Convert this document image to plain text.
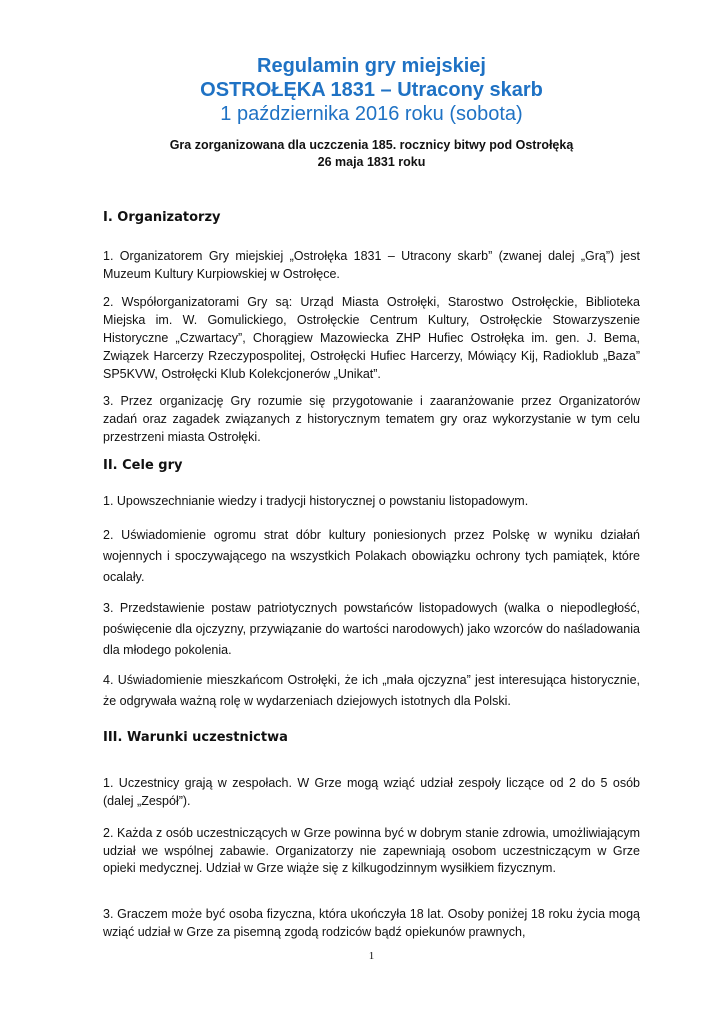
Regulamin gry miejskiej
OSTROŁĘKA 1831 – Utracony skarb
1 października 2016 roku (sobota)
Gra zorganizowana dla uczczenia 185. rocznicy bitwy pod Ostrołęką
26 maja 1831 roku
I. Organizatorzy
1. Organizatorem Gry miejskiej „Ostrołęka 1831 – Utracony skarb” (zwanej dalej „Grą”) jest Muzeum Kultury Kurpiowskiej w Ostrołęce.
2. Współorganizatorami Gry są: Urząd Miasta Ostrołęki, Starostwo Ostrołęckie, Biblioteka Miejska im. W. Gomulickiego, Ostrołęckie Centrum Kultury, Ostrołęckie Stowarzyszenie Historyczne „Czwartacy”, Chorągiew Mazowiecka ZHP Hufiec Ostrołęka im. gen. J. Bema, Związek Harcerzy Rzeczypospolitej, Ostrołęcki Hufiec Harcerzy, Mówiący Kij, Radioklub „Baza” SP5KVW, Ostrołęcki Klub Kolekcjonerów „Unikat”.
3. Przez organizację Gry rozumie się przygotowanie i zaaranżowanie przez Organizatorów zadań oraz zagadek związanych z historycznym tematem gry oraz wykorzystanie w tym celu przestrzeni miasta Ostrołęki.
II. Cele gry
1. Upowszechnianie wiedzy i tradycji historycznej o powstaniu listopadowym.
2. Uświadomienie ogromu strat dóbr kultury poniesionych przez Polskę w wyniku działań wojennych i spoczywającego na wszystkich Polakach obowiązku ochrony tych pamiątek, które ocalały.
3. Przedstawienie postaw patriotycznych powstańców listopadowych (walka o niepodległość, poświęcenie dla ojczyzny, przywiązanie do wartości narodowych) jako wzorców do naśladowania dla młodego pokolenia.
4. Uświadomienie mieszkańcom Ostrołęki, że ich „mała ojczyzna” jest interesująca historycznie, że odgrywała ważną rolę w wydarzeniach dziejowych istotnych dla Polski.
III. Warunki uczestnictwa
1. Uczestnicy grają w zespołach. W Grze mogą wziąć udział zespoły liczące od 2 do 5 osób (dalej „Zespół”).
2. Każda z osób uczestniczących w Grze powinna być w dobrym stanie zdrowia, umożliwiającym udział we wspólnej zabawie. Organizatorzy nie zapewniają osobom uczestniczącym w Grze opieki medycznej. Udział w Grze wiąże się z kilkugodzinnym wysiłkiem fizycznym.
3. Graczem może być osoba fizyczna, która ukończyła 18 lat. Osoby poniżej 18 roku życia mogą wziąć udział w Grze za pisemną zgodą rodziców bądź opiekunów prawnych,
1
